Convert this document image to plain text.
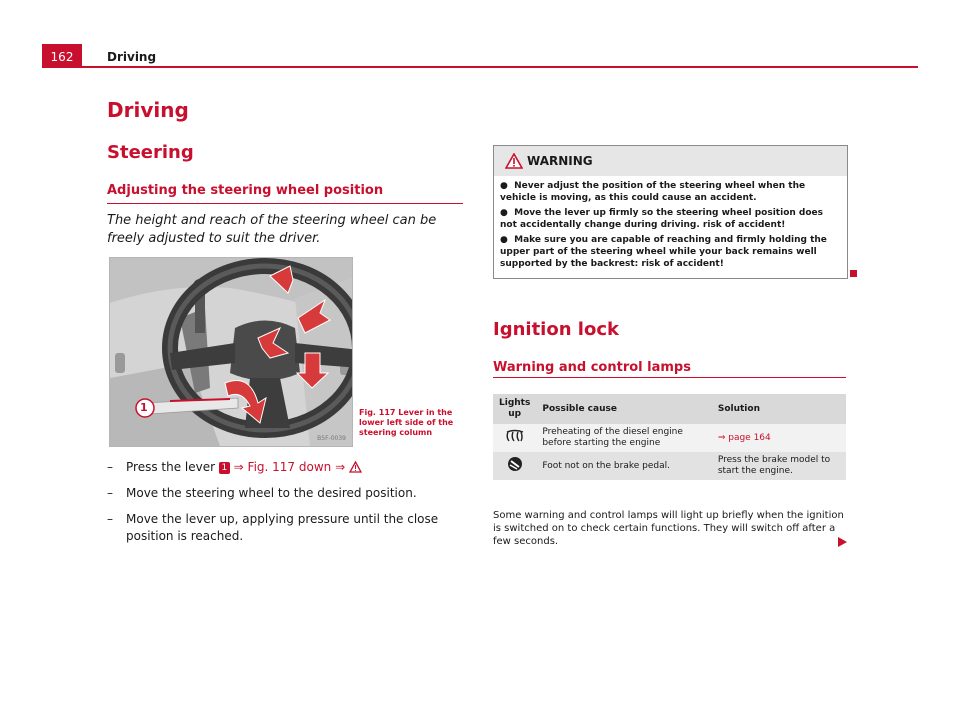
162	Driving
Driving
Steering
Adjusting the steering wheel position
The height and reach of the steering wheel can be freely adjusted to suit the driver.
1
B5F-0039
Fig. 117 Lever in the lower left side of the steering column
– Press the lever 1 ⇒ Fig. 117 down ⇒
– Move the steering wheel to the desired position.
– Move the lever up, applying pressure until the close position is reached.
WARNING
●  Never adjust the position of the steering wheel when the vehicle is moving, as this could cause an accident.
●  Move the lever up firmly so the steering wheel position does not accidentally change during driving. risk of accident!
●  Make sure you are capable of reaching and firmly holding the upper part of the steering wheel while your back remains well supported by the backrest: risk of accident!
Ignition lock
Warning and control lamps
Lights up	Possible cause	Solution
	Preheating of the diesel engine before starting the engine	⇒ page 164
	Foot not on the brake pedal.	Press the brake model to start the engine.
Some warning and control lamps will light up briefly when the ignition is switched on to check certain functions. They will switch off after a few seconds.
